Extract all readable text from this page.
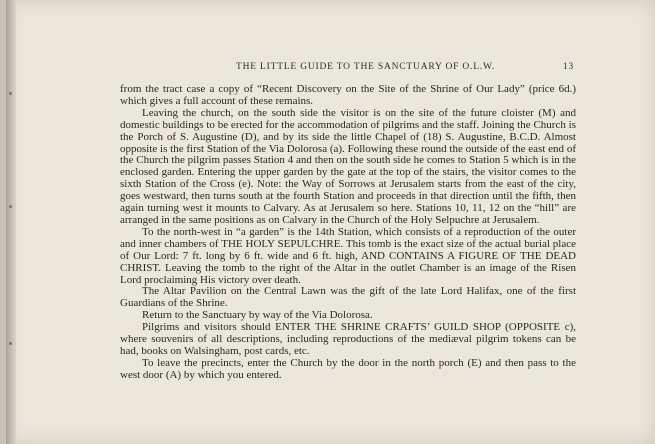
THE LITTLE GUIDE TO THE SANCTUARY OF O.L.W.	13

from the tract case a copy of “Recent Discovery on the Site of the Shrine of Our Lady” (price 6d.) which gives a full account of these remains.

Leaving the church, on the south side the visitor is on the site of the future cloister (M) and domestic buildings to be erected for the accommodation of pilgrims and the staff. Joining the Church is the Porch of S. Augustine (D), and by its side the little Chapel of (18) S. Augustine, B.C.D. Almost opposite is the first Station of the Via Dolorosa (a). Following these round the outside of the east end of the Church the pilgrim passes Station 4 and then on the south side he comes to Station 5 which is in the enclosed garden. Entering the upper garden by the gate at the top of the stairs, the visitor comes to the sixth Station of the Cross (e). Note: the Way of Sorrows at Jerusalem starts from the east of the city, goes westward, then turns south at the fourth Station and proceeds in that direction until the fifth, then again turning west it mounts to Calvary. As at Jerusalem so here. Stations 10, 11, 12 on the “hill” are arranged in the same positions as on Calvary in the Church of the Holy Selpuchre at Jerusalem.

To the north-west in “a garden” is the 14th Station, which consists of a reproduction of the outer and inner chambers of THE HOLY SEPULCHRE. This tomb is the exact size of the actual burial place of Our Lord: 7 ft. long by 6 ft. wide and 6 ft. high, AND CONTAINS A FIGURE OF THE DEAD CHRIST. Leaving the tomb to the right of the Altar in the outlet Chamber is an image of the Risen Lord proclaiming His victory over death.

The Altar Pavilion on the Central Lawn was the gift of the late Lord Halifax, one of the first Guardians of the Shrine.

Return to the Sanctuary by way of the Via Dolorosa.

Pilgrims and visitors should ENTER THE SHRINE CRAFTS’ GUILD SHOP (OPPOSITE c), where souvenirs of all descriptions, including reproductions of the mediæval pilgrim tokens can be had, books on Walsingham, post cards, etc.

To leave the precincts, enter the Church by the door in the north porch (E) and then pass to the west door (A) by which you entered.
